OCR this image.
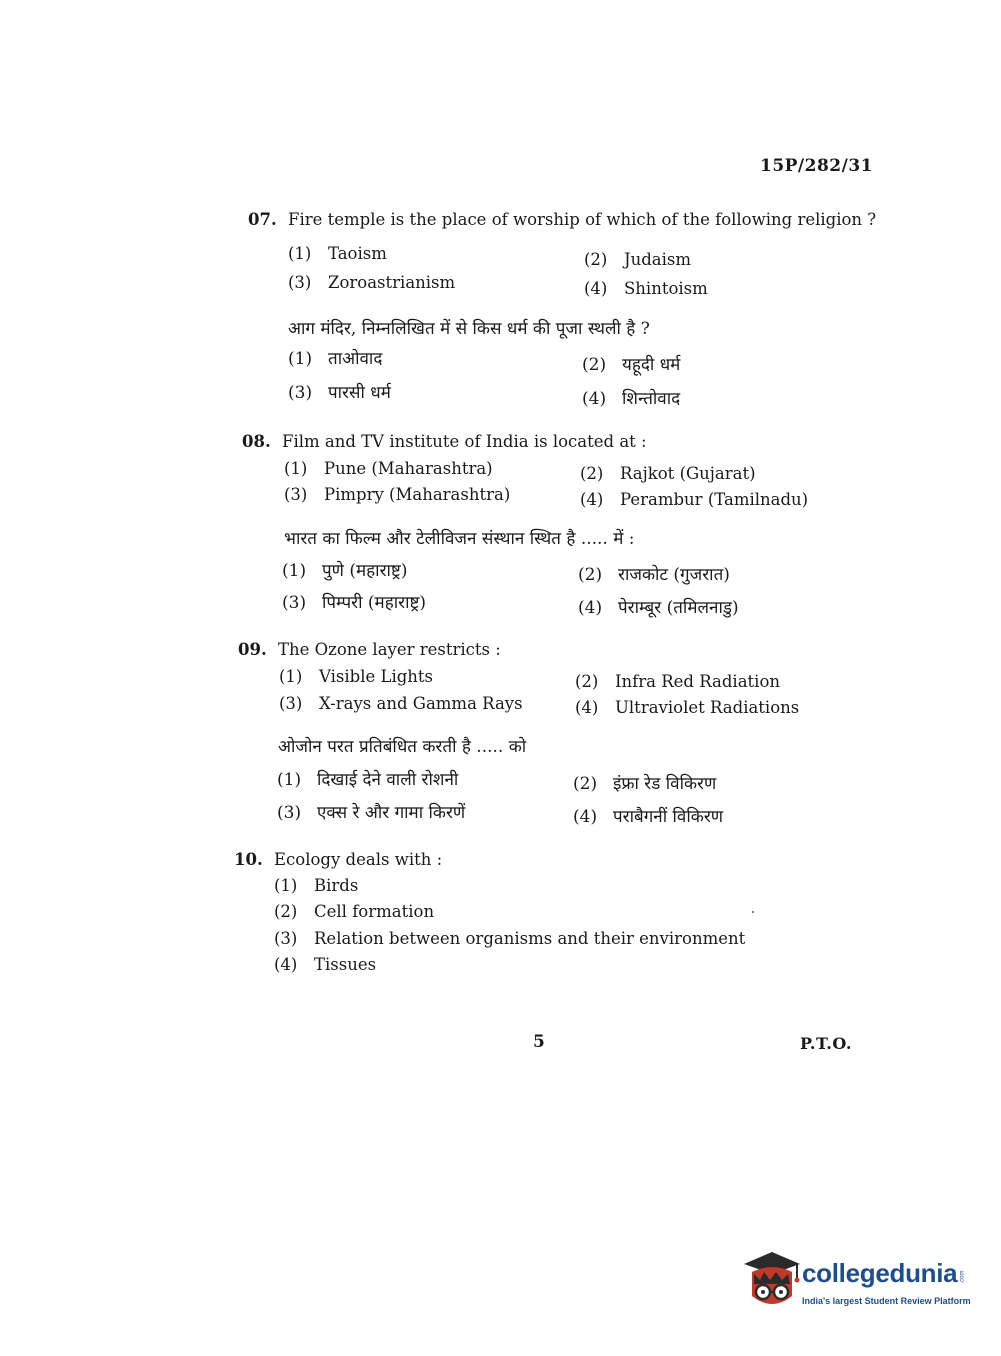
15P/282/31
07. Fire temple is the place of worship of which of the following religion ?
(1) Taoism	(2) Judaism
(3) Zoroastrianism	(4) Shintoism
आग मंदिर, निम्नलिखित में से किस धर्म की पूजा स्थली है ?
(1) ताओवाद	(2) यहूदी धर्म
(3) पारसी धर्म	(4) शिन्तोवाद
08. Film and TV institute of India is located at :
(1) Pune (Maharashtra)	(2) Rajkot (Gujarat)
(3) Pimpry (Maharashtra)	(4) Perambur (Tamilnadu)
भारत का फिल्म और टेलीविजन संस्थान स्थित है ..... में :
(1) पुणे (महाराष्ट्र)	(2) राजकोट (गुजरात)
(3) पिम्परी (महाराष्ट्र)	(4) पेराम्बूर (तमिलनाडु)
09. The Ozone layer restricts :
(1) Visible Lights	(2) Infra Red Radiation
(3) X-rays and Gamma Rays	(4) Ultraviolet Radiations
ओजोन परत प्रतिबंधित करती है ..... को
(1) दिखाई देने वाली रोशनी	(2) इंफ्रा रेड विकिरण
(3) एक्स रे और गामा किरणें	(4) पराबैगनीं विकिरण
10. Ecology deals with :
(1) Birds
(2) Cell formation
(3) Relation between organisms and their environment
(4) Tissues
5	P.T.O.
collegedunia .com
India's largest Student Review Platform
